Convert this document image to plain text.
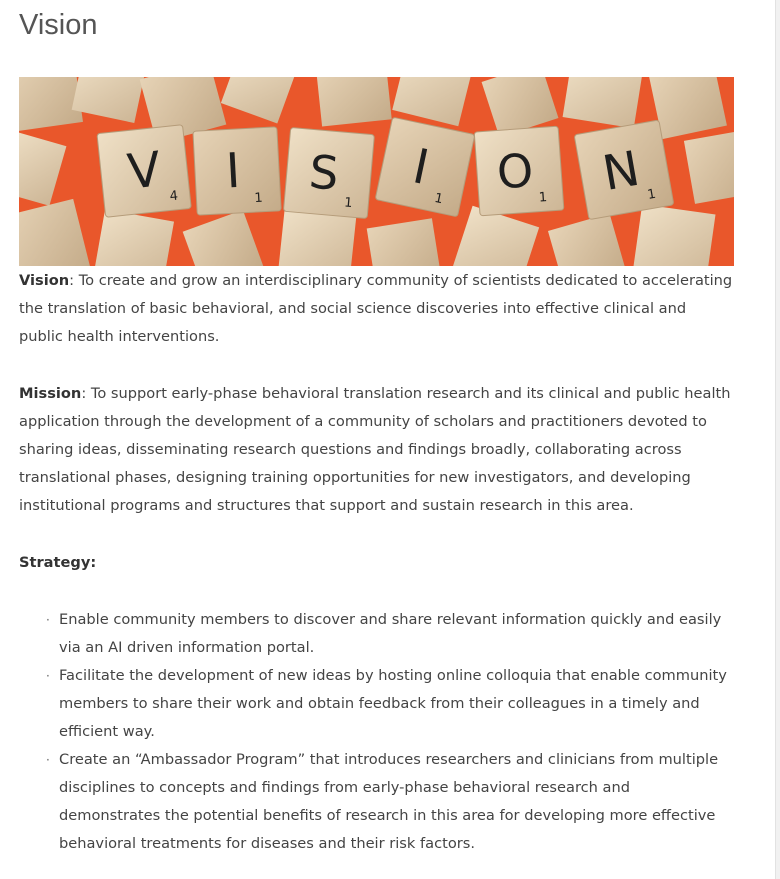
Vision
V 4 I 1 S
1
I
1 O 1 N 1

Vision: To create and grow an interdisciplinary community of scientists dedicated to accelerating the translation of basic behavioral, and social science discoveries into effective clinical and public health interventions.

Mission: To support early-phase behavioral translation research and its clinical and public health application through the development of a community of scholars and practitioners devoted to sharing ideas, disseminating research questions and findings broadly, collaborating across translational phases, designing training opportunities for new investigators, and developing institutional programs and structures that support and sustain research in this area.

Strategy:

· Enable community members to discover and share relevant information quickly and easily via an AI driven information portal.
· Facilitate the development of new ideas by hosting online colloquia that enable community members to share their work and obtain feedback from their colleagues in a timely and efficient way.
· Create an “Ambassador Program” that introduces researchers and clinicians from multiple disciplines to concepts and findings from early-phase behavioral research and demonstrates the potential benefits of research in this area for developing more effective behavioral treatments for diseases and their risk factors.
